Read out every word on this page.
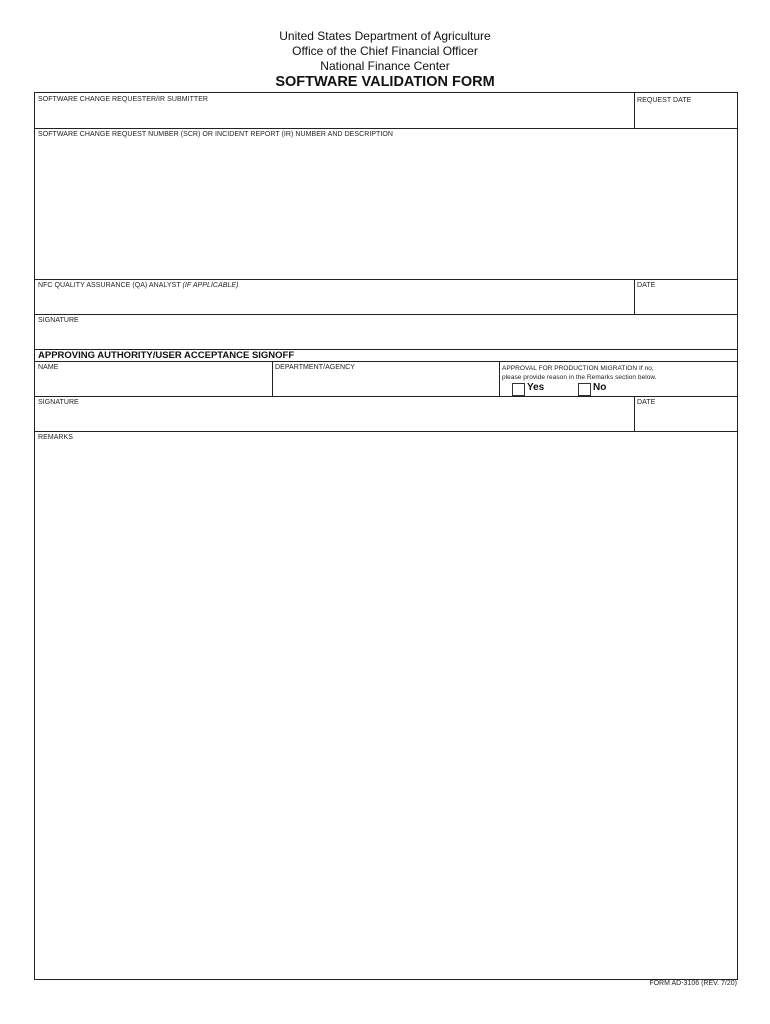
United States Department of Agriculture
Office of the Chief Financial Officer
National Finance Center
SOFTWARE VALIDATION FORM
SOFTWARE CHANGE REQUESTER/IR SUBMITTER	REQUEST DATE
SOFTWARE CHANGE REQUEST NUMBER (SCR) OR INCIDENT REPORT (IR) NUMBER AND DESCRIPTION
NFC QUALITY ASSURANCE (QA) ANALYST (IF APPLICABLE)	DATE
SIGNATURE
APPROVING AUTHORITY/USER ACCEPTANCE SIGNOFF
NAME	DEPARTMENT/AGENCY	APPROVAL FOR PRODUCTION MIGRATION If no,
please provide reason in the Remarks section below.
Yes	No
SIGNATURE	DATE
REMARKS
FORM AD-3106 (REV. 7/20)
